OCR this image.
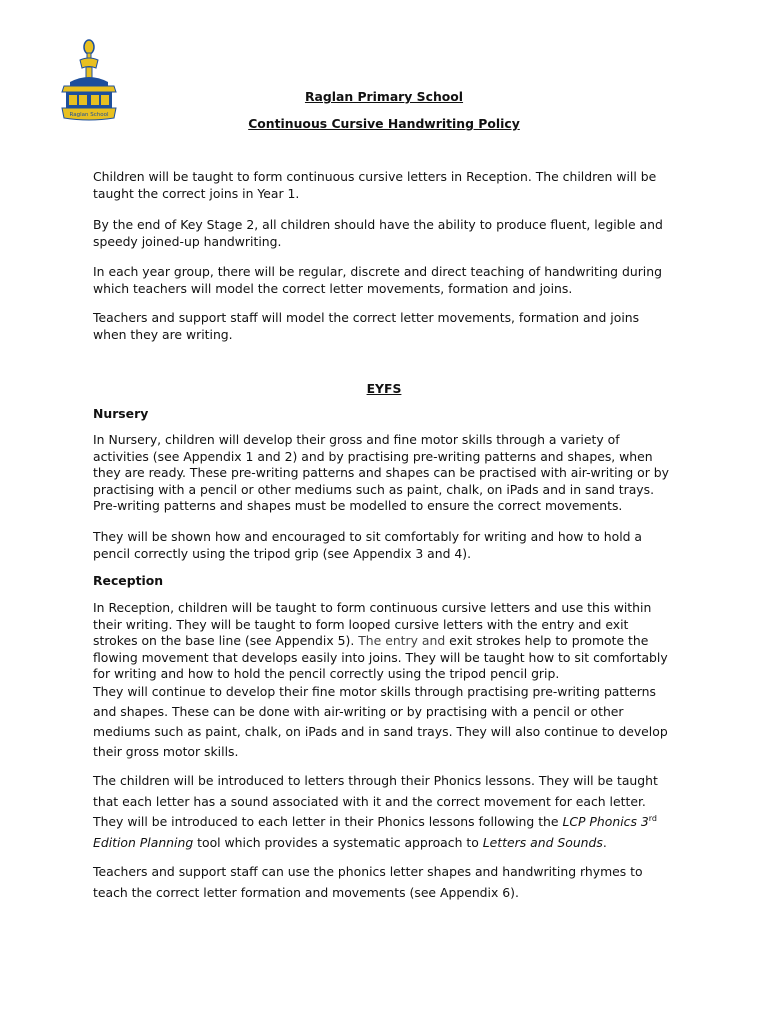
Raglan School
Raglan Primary School
Continuous Cursive Handwriting Policy

Children will be taught to form continuous cursive letters in Reception. The children will be taught the correct joins in Year 1.

By the end of Key Stage 2, all children should have the ability to produce fluent, legible and speedy joined-up handwriting.

In each year group, there will be regular, discrete and direct teaching of handwriting during which teachers will model the correct letter movements, formation and joins.

Teachers and support staff will model the correct letter movements, formation and joins when they are writing.

EYFS

Nursery

In Nursery, children will develop their gross and fine motor skills through a variety of activities (see Appendix 1 and 2) and by practising pre-writing patterns and shapes, when they are ready. These pre-writing patterns and shapes can be practised with air-writing or by practising with a pencil or other mediums such as paint, chalk, on iPads and in sand trays. Pre-writing patterns and shapes must be modelled to ensure the correct movements.

They will be shown how and encouraged to sit comfortably for writing and how to hold a pencil correctly using the tripod grip (see Appendix 3 and 4).

Reception

In Reception, children will be taught to form continuous cursive letters and use this within their writing. They will be taught to form looped cursive letters with the entry and exit strokes on the base line (see Appendix 5). The entry and exit strokes help to promote the flowing movement that develops easily into joins. They will be taught how to sit comfortably for writing and how to hold the pencil correctly using the tripod pencil grip.

They will continue to develop their fine motor skills through practising pre-writing patterns and shapes. These can be done with air-writing or by practising with a pencil or other mediums such as paint, chalk, on iPads and in sand trays. They will also continue to develop their gross motor skills.

The children will be introduced to letters through their Phonics lessons. They will be taught that each letter has a sound associated with it and the correct movement for each letter. They will be introduced to each letter in their Phonics lessons following the LCP Phonics 3rd Edition Planning tool which provides a systematic approach to Letters and Sounds.

Teachers and support staff can use the phonics letter shapes and handwriting rhymes to teach the correct letter formation and movements (see Appendix 6).
